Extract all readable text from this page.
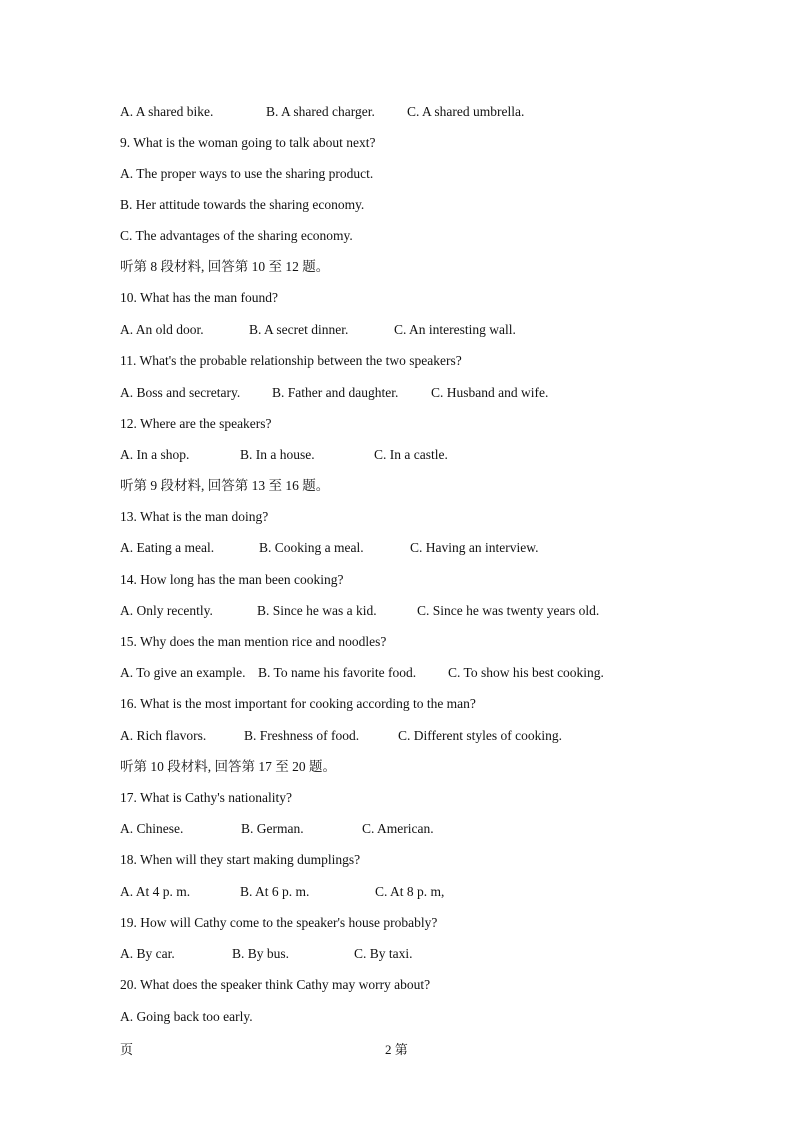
A. A shared bike.	B. A shared charger. C. A shared umbrella.
9. What is the woman going to talk about next?
A. The proper ways to use the sharing product.
B. Her attitude towards the sharing economy.
C. The advantages of the sharing economy.
听第 8 段材料, 回答第 10 至 12 题。
10. What has the man found?
A. An old door.	B. A secret dinner.	C. An interesting wall.
11. What's the probable relationship between the two speakers?
A. Boss and secretary. B. Father and daughter. C. Husband and wife.
12. Where are the speakers?
A. In a shop.	B. In a house.	C. In a castle.
听第 9 段材料, 回答第 13 至 16 题。
13. What is the man doing?
A. Eating a meal.	B. Cooking a meal.	C. Having an interview.
14. How long has the man been cooking?
A. Only recently.	B. Since he was a kid.	C. Since he was twenty years old.
15. Why does the man mention rice and noodles?
A. To give an example. B. To name his favorite food. C. To show his best cooking.
16. What is the most important for cooking according to the man?
A. Rich flavors.	B. Freshness of food.	C. Different styles of cooking.
听第 10 段材料, 回答第 17 至 20 题。
17. What is Cathy's nationality?
A. Chinese.	B. German.	C. American.
18. When will they start making dumplings?
A. At 4 p. m.	B. At 6 p. m.	C. At 8 p. m,
19. How will Cathy come to the speaker's house probably?
A. By car.	B. By bus.	C. By taxi.
20. What does the speaker think Cathy may worry about?
A. Going back too early.
页	2 第
